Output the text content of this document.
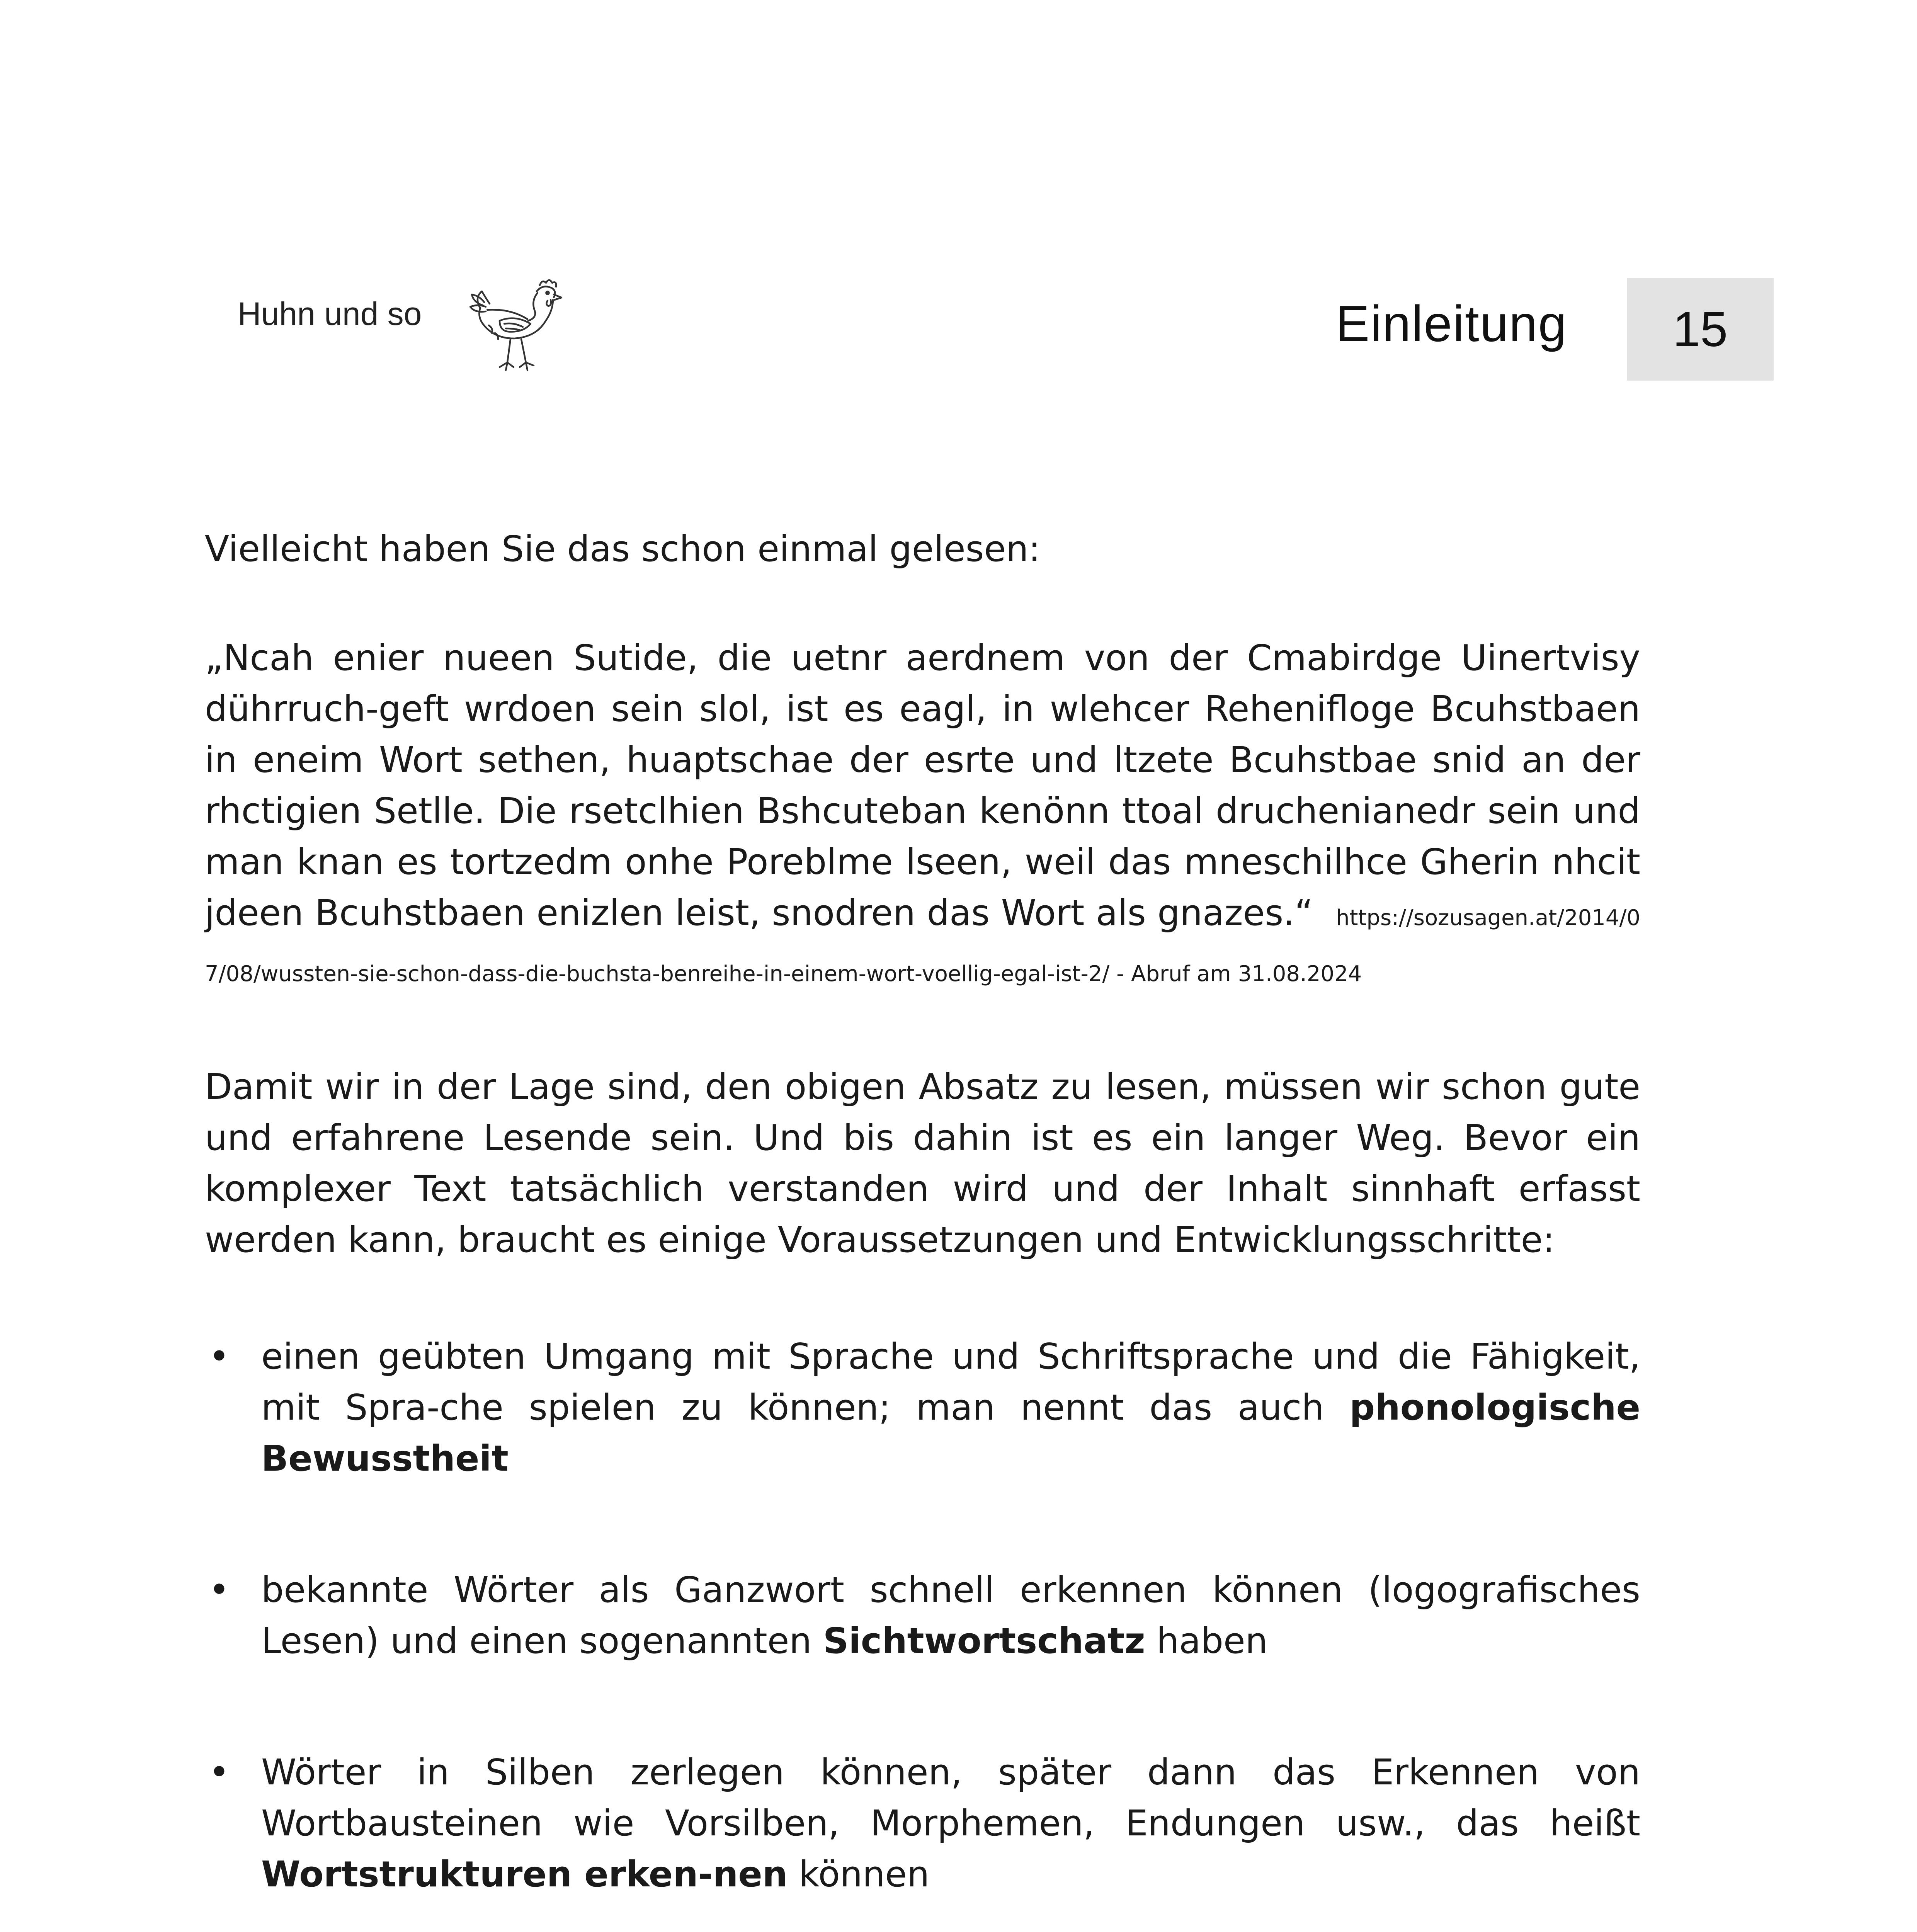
Huhn und so	Einleitung 15

Vielleicht haben Sie das schon einmal gelesen:

„Ncah enier nueen Sutide, die uetnr aerdnem von der Cmabirdge Uinertvisy dührruch-geft wrdoen sein slol, ist es eagl, in wlehcer Reheniflоge Bcuhstbaen in eneim Wort sethen, huaptschae der esrte und ltzete Bcuhstbae snid an der rhctigien Setlle. Die rsetclhien Bshcuteban kenönn ttoal druchenianedr sein und man knan es tortzedm onhe Poreblme lseen, weil das mneschilhce Gherin nhcit jdeen Bcuhstbaen enizlen leist, snodren das Wort als gnazes.“ https://sozusagen.at/2014/07/08/wussten-sie-schon-dass-die-buchsta-benreihe-in-einem-wort-voellig-egal-ist-2/ - Abruf am 31.08.2024

Damit wir in der Lage sind, den obigen Absatz zu lesen, müssen wir schon gute und erfahrene Lesende sein. Und bis dahin ist es ein langer Weg. Bevor ein komplexer Text tatsächlich verstanden wird und der Inhalt sinnhaft erfasst werden kann, braucht es einige Voraussetzungen und Entwicklungsschritte:

• einen geübten Umgang mit Sprache und Schriftsprache und die Fähigkeit, mit Spra-che spielen zu können; man nennt das auch phonologische Bewusstheit
• bekannte Wörter als Ganzwort schnell erkennen können (logografisches Lesen) und einen sogenannten Sichtwortschatz haben
• Wörter in Silben zerlegen können, später dann das Erkennen von Wortbausteinen wie Vorsilben, Morphemen, Endungen usw., das heißt Wortstrukturen erken-nen können
